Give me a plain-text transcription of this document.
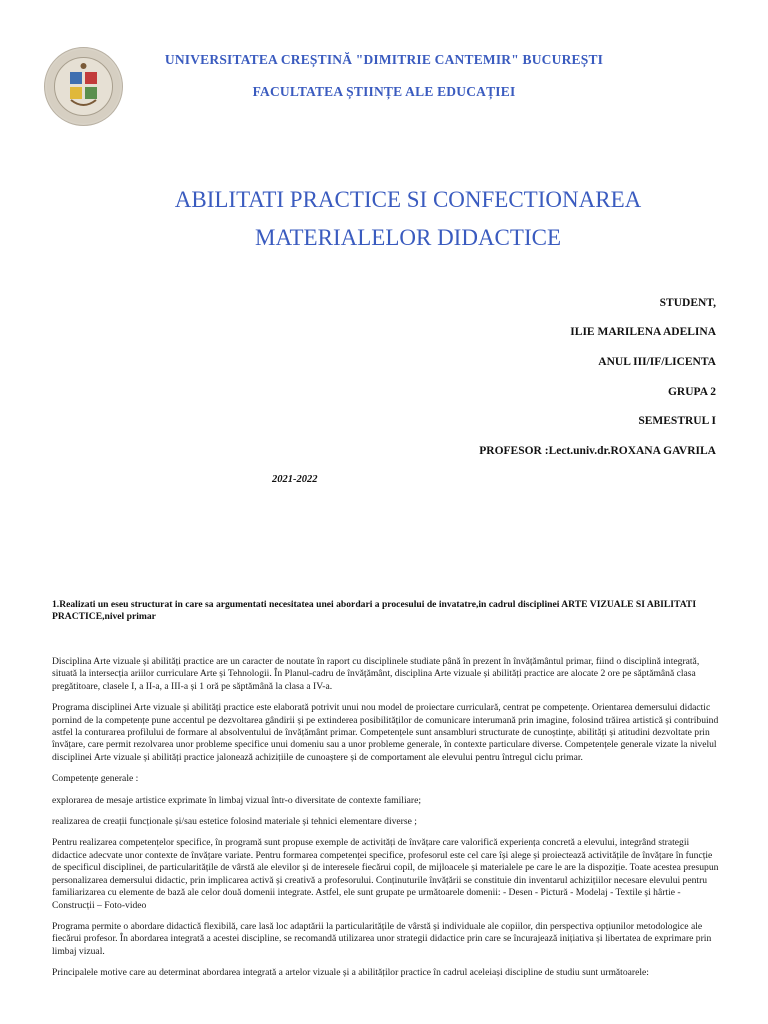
UNIVERSITATEA CREȘTINĂ "DIMITRIE CANTEMIR" BUCUREȘTI
FACULTATEA ȘTIINȚE ALE EDUCAȚIEI
ABILITATI PRACTICE SI CONFECTIONAREA
MATERIALELOR DIDACTICE
STUDENT,
ILIE MARILENA ADELINA
ANUL III/IF/LICENTA
GRUPA 2
SEMESTRUL I
PROFESOR :Lect.univ.dr.ROXANA GAVRILA
2021-2022
1.Realizati un eseu structurat in care sa argumentati necesitatea unei abordari a procesului de invatatre,in cadrul disciplinei ARTE VIZUALE SI ABILITATI PRACTICE,nivel primar

Disciplina Arte vizuale și abilități practice are un caracter de noutate în raport cu disciplinele studiate până în prezent în învățământul primar, fiind o disciplină integrată, situată la intersecția ariilor curriculare Arte și Tehnologii. În Planul-cadru de învățământ, disciplina Arte vizuale și abilități practice are alocate 2 ore pe săptămână clasa pregătitoare, clasele I, a II-a, a III-a și 1 oră pe săptămână la clasa a IV-a.

Programa disciplinei Arte vizuale și abilități practice este elaborată potrivit unui nou model de proiectare curriculară, centrat pe competențe. Orientarea demersului didactic pornind de la competențe pune accentul pe dezvoltarea gândirii și pe extinderea posibilităților de comunicare interumană prin imagine, folosind trăirea artistică și contribuind astfel la conturarea profilului de formare al absolventului de învățământ primar. Competențele sunt ansambluri structurate de cunoștințe, abilități și atitudini dezvoltate prin învățare, care permit rezolvarea unor probleme specifice unui domeniu sau a unor probleme generale, în contexte particulare diverse. Competențele generale vizate la nivelul disciplinei Arte vizuale și abilități practice jalonează achizițiile de cunoaștere și de comportament ale elevului pentru întregul ciclu primar.

Competențe generale :

explorarea de mesaje artistice exprimate în limbaj vizual într-o diversitate de contexte familiare;

realizarea de creații funcționale și/sau estetice folosind materiale și tehnici elementare diverse ;

Pentru realizarea competențelor specifice, în programă sunt propuse exemple de activități de învățare care valorifică experiența concretă a elevului, integrând strategii didactice adecvate unor contexte de învățare variate. Pentru formarea competenței specifice, profesorul este cel care își alege și proiectează activitățile de învățare în funcție de specificul disciplinei, de particularitățile de vârstă ale elevilor și de interesele fiecărui copil, de mijloacele și materialele pe care le are la dispoziție. Toate acestea presupun personalizarea demersului didactic, prin implicarea activă și creativă a profesorului. Conținuturile învățării se constituie din inventarul achizițiilor necesare elevului pentru familiarizarea cu elemente de bază ale celor două domenii integrate. Astfel, ele sunt grupate pe următoarele domenii: - Desen - Pictură - Modelaj - Textile și hârtie - Construcții – Foto-video

Programa permite o abordare didactică flexibilă, care lasă loc adaptării la particularitățile de vârstă și individuale ale copiilor, din perspectiva opțiunilor metodologice ale fiecărui profesor. În abordarea integrată a acestei discipline, se recomandă utilizarea unor strategii didactice prin care se încurajează inițiativa și libertatea de exprimare prin limbaj vizual.

Principalele motive care au determinat abordarea integrată a artelor vizuale și a abilităților practice în cadrul aceleiași discipline de studiu sunt următoarele:
